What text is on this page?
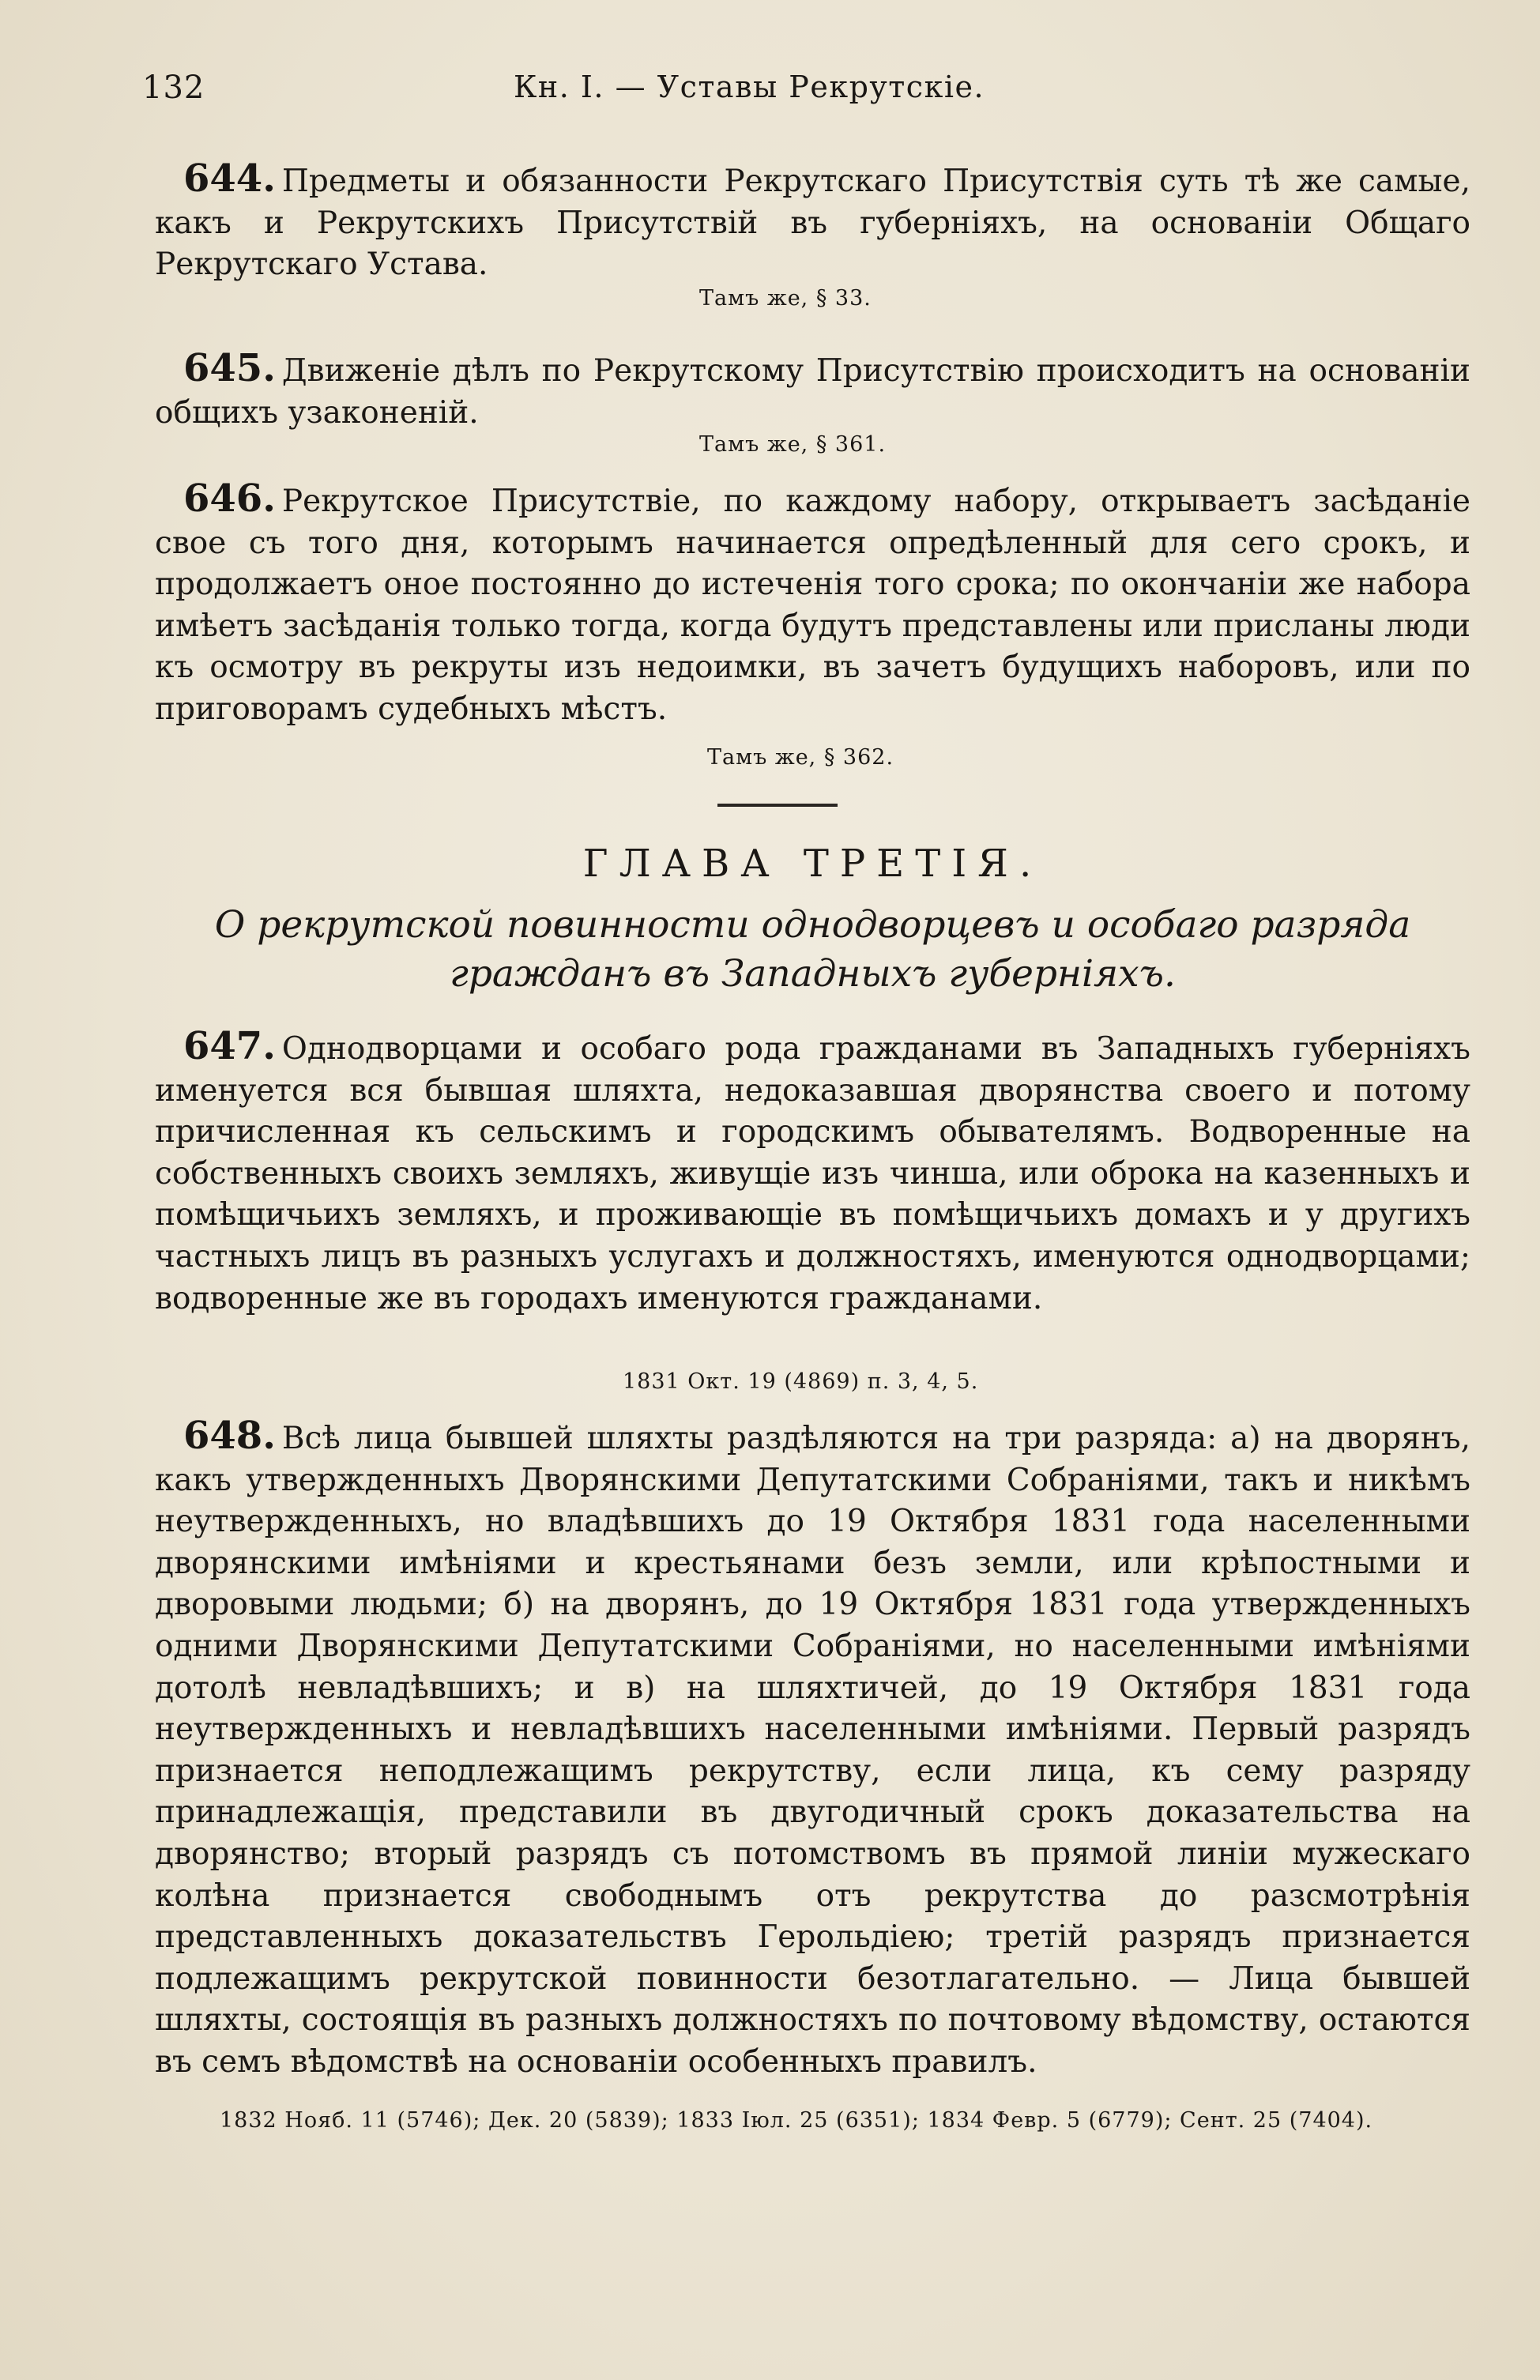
132	Кн. I. — Уставы Рекрутскіе.

644. Предметы и обязанности Рекрутскаго Присутствія суть тѣ же самые, какъ и Рекрутскихъ Присутствій въ губерніяхъ, на основаніи Общаго Рекрутскаго Устава.

Тамъ же, § 33.

645. Движеніе дѣлъ по Рекрутскому Присутствію происходитъ на основаніи общихъ узаконеній.

Тамъ же, § 361.

646. Рекрутское Присутствіе, по каждому набору, открываетъ засѣданіе свое съ того дня, которымъ начинается опредѣленный для сего срокъ, и продолжаетъ оное постоянно до истеченія того срока; по окончаніи же набора имѣетъ засѣданія только тогда, когда будутъ представлены или присланы люди къ осмотру въ рекруты изъ недоимки, въ зачетъ будущихъ наборовъ, или по приговорамъ судебныхъ мѣстъ.

Тамъ же, § 362.
ГЛАВА ТРЕТІЯ.
О рекрутской повинности однодворцевъ и особаго разряда
гражданъ въ Западныхъ губерніяхъ.

647. Однодворцами и особаго рода гражданами въ Западныхъ губерніяхъ именуется вся бывшая шляхта, недоказавшая дворянства своего и потому причисленная къ сельскимъ и городскимъ обывателямъ. Водворенные на собственныхъ своихъ земляхъ, живущіе изъ чинша, или оброка на казенныхъ и помѣщичьихъ земляхъ, и проживающіе въ помѣщичьихъ домахъ и у другихъ частныхъ лицъ въ разныхъ услугахъ и должностяхъ, именуются однодворцами; водворенные же въ городахъ именуются гражданами.

1831 Окт. 19 (4869) п. 3, 4, 5.

648. Всѣ лица бывшей шляхты раздѣляются на три разряда: а) на дворянъ, какъ утвержденныхъ Дворянскими Депутатскими Собраніями, такъ и никѣмъ неутвержденныхъ, но владѣвшихъ до 19 Октября 1831 года населенными дворянскими имѣніями и крестьянами безъ земли, или крѣпостными и дворовыми людьми; б) на дворянъ, до 19 Октября 1831 года утвержденныхъ одними Дворянскими Депутатскими Собраніями, но населенными имѣніями дотолѣ невладѣвшихъ; и в) на шляхтичей, до 19 Октября 1831 года неутвержденныхъ и невладѣвшихъ населенными имѣніями. Первый разрядъ признается неподлежащимъ рекрутству, если лица, къ сему разряду принадлежащія, представили въ двугодичный срокъ доказательства на дворянство; вторый разрядъ съ потомствомъ въ прямой линіи мужескаго колѣна признается свободнымъ отъ рекрутства до разсмотрѣнія представленныхъ доказательствъ Герольдіею; третій разрядъ признается подлежащимъ рекрутской повинности безотлагательно. — Лица бывшей шляхты, состоящія въ разныхъ должностяхъ по почтовому вѣдомству, остаются въ семъ вѣдомствѣ на основаніи особенныхъ правилъ.

1832 Нояб. 11 (5746); Дек. 20 (5839); 1833 Іюл. 25 (6351); 1834 Февр. 5 (6779); Сент. 25 (7404).
